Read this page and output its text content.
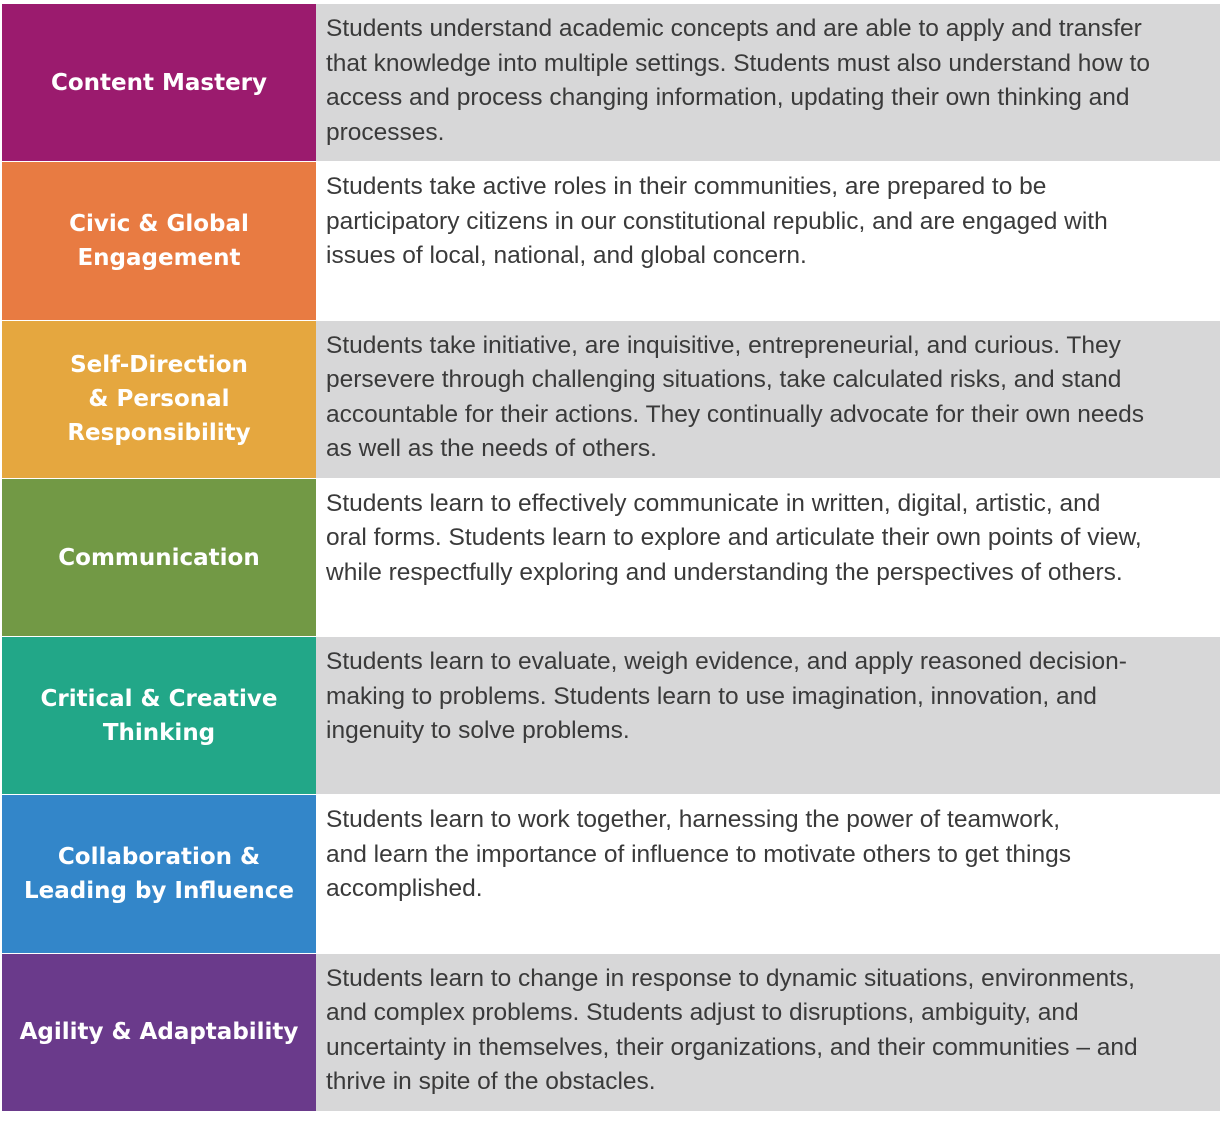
Content Mastery
Students understand academic concepts and are able to apply and transfer
that knowledge into multiple settings. Students must also understand how to
access and process changing information, updating their own thinking and
processes.
Civic & Global
Engagement
Students take active roles in their communities, are prepared to be
participatory citizens in our constitutional republic, and are engaged with
issues of local, national, and global concern.
Self-Direction
& Personal
Responsibility
Students take initiative, are inquisitive, entrepreneurial, and curious. They
persevere through challenging situations, take calculated risks, and stand
accountable for their actions. They continually advocate for their own needs
as well as the needs of others.
Communication
Students learn to effectively communicate in written, digital, artistic, and
oral forms. Students learn to explore and articulate their own points of view,
while respectfully exploring and understanding the perspectives of others.
Critical & Creative
Thinking
Students learn to evaluate, weigh evidence, and apply reasoned decision-
making to problems. Students learn to use imagination, innovation, and
ingenuity to solve problems.
Collaboration &
Leading by Influence
Students learn to work together, harnessing the power of teamwork,
and learn the importance of influence to motivate others to get things
accomplished.
Agility & Adaptability
Students learn to change in response to dynamic situations, environments,
and complex problems. Students adjust to disruptions, ambiguity, and
uncertainty in themselves, their organizations, and their communities – and
thrive in spite of the obstacles.
